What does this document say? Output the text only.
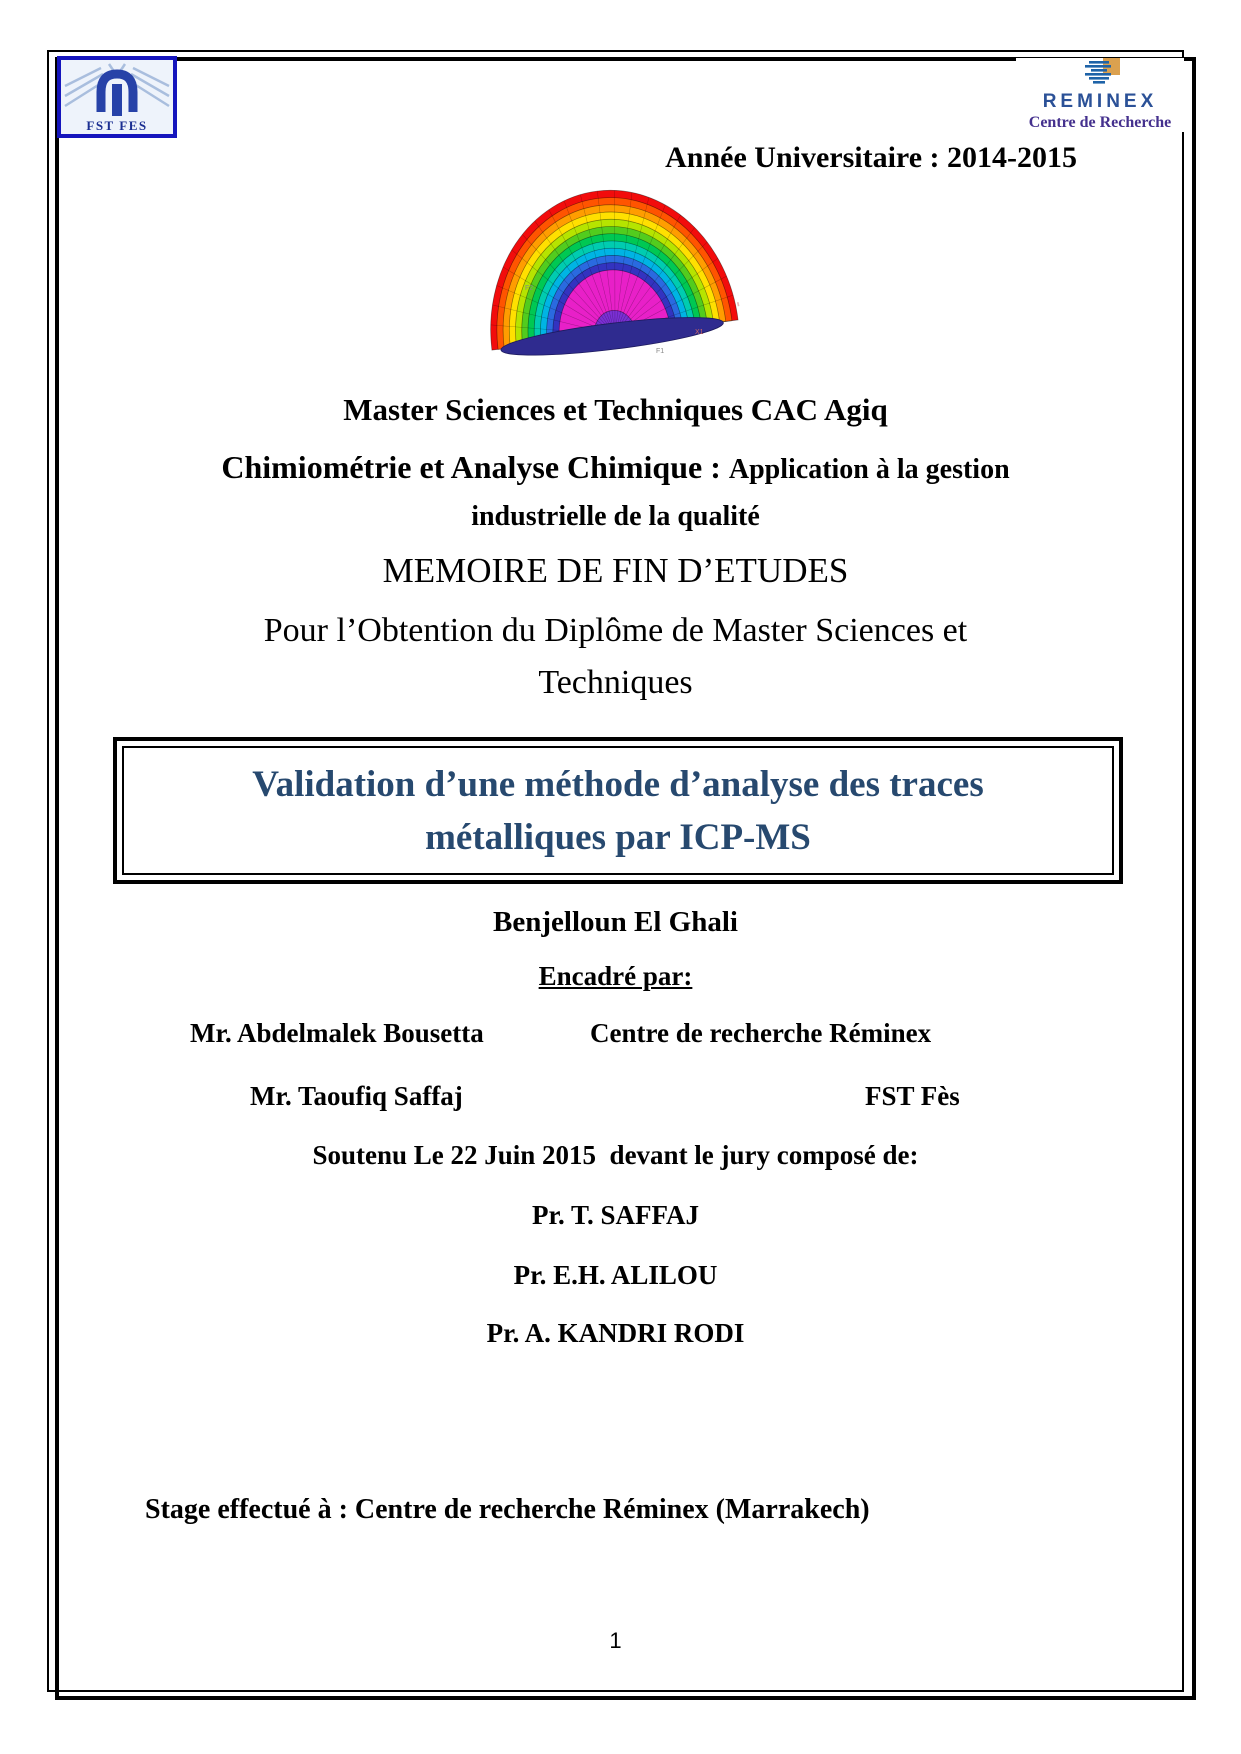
FST FES
REMINEX
Centre de Recherche
Année Universitaire : 2014-2015
F2
X1
F1
Master Sciences et Techniques CAC Agiq
Chimiométrie et Analyse Chimique : Application à la gestion
industrielle de la qualité
MEMOIRE DE FIN D’ETUDES
Pour l’Obtention du Diplôme de Master Sciences et
Techniques
Validation d’une méthode d’analyse des traces
métalliques par ICP-MS
Benjelloun El Ghali
Encadré par:
Mr. Abdelmalek Bousetta	Centre de recherche Réminex
Mr. Taoufiq Saffaj	FST Fès
Soutenu Le 22 Juin 2015  devant le jury composé de:
Pr. T. SAFFAJ
Pr. E.H. ALILOU
Pr. A. KANDRI RODI
Stage effectué à : Centre de recherche Réminex (Marrakech)
1
